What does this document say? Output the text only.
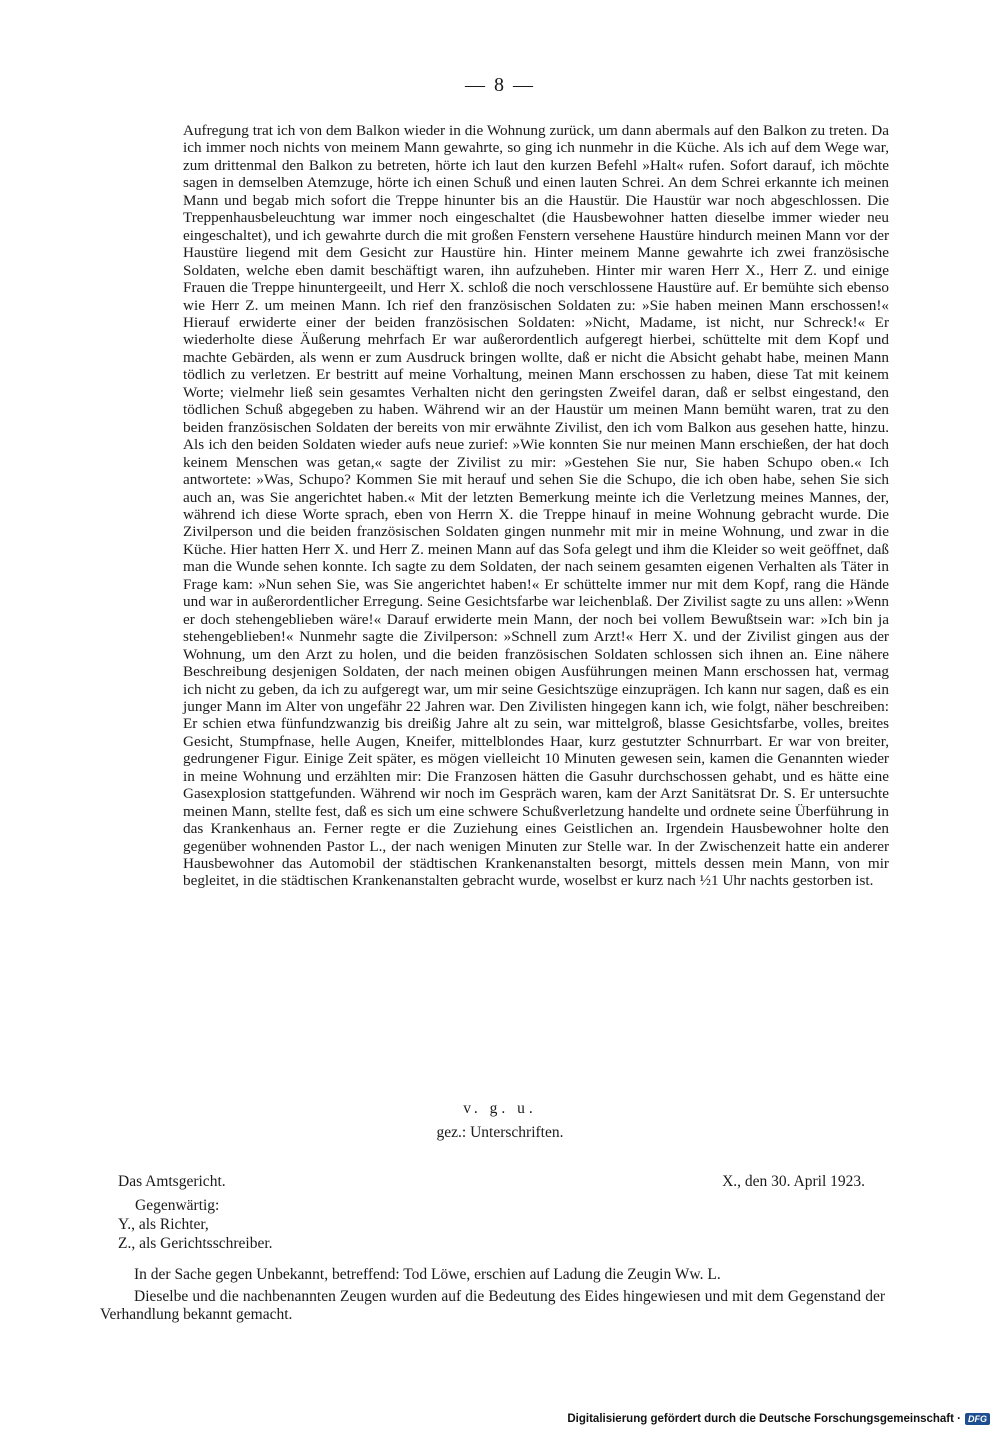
— 8 —

Aufregung trat ich von dem Balkon wieder in die Wohnung zurück, um dann abermals auf den Balkon zu treten. Da ich immer noch nichts von meinem Mann gewahrte, so ging ich nunmehr in die Küche. Als ich auf dem Wege war, zum drittenmal den Balkon zu betreten, hörte ich laut den kurzen Befehl »Halt« rufen. Sofort darauf, ich möchte sagen in demselben Atemzuge, hörte ich einen Schuß und einen lauten Schrei. An dem Schrei erkannte ich meinen Mann und begab mich sofort die Treppe hinunter bis an die Haustür. Die Haustür war noch abgeschlossen. Die Treppenhausbeleuchtung war immer noch eingeschaltet (die Hausbewohner hatten dieselbe immer wieder neu eingeschaltet), und ich gewahrte durch die mit großen Fenstern versehene Haustüre hindurch meinen Mann vor der Haustüre liegend mit dem Gesicht zur Haustüre hin. Hinter meinem Manne gewahrte ich zwei französische Soldaten, welche eben damit beschäftigt waren, ihn aufzuheben. Hinter mir waren Herr X., Herr Z. und einige Frauen die Treppe hinuntergeeilt, und Herr X. schloß die noch verschlossene Haustüre auf. Er bemühte sich ebenso wie Herr Z. um meinen Mann. Ich rief den französischen Soldaten zu: »Sie haben meinen Mann erschossen!« Hierauf erwiderte einer der beiden französischen Soldaten: »Nicht, Madame, ist nicht, nur Schreck!« Er wiederholte diese Äußerung mehrfach Er war außerordentlich aufgeregt hierbei, schüttelte mit dem Kopf und machte Gebärden, als wenn er zum Ausdruck bringen wollte, daß er nicht die Absicht gehabt habe, meinen Mann tödlich zu verletzen. Er bestritt auf meine Vorhaltung, meinen Mann erschossen zu haben, diese Tat mit keinem Worte; vielmehr ließ sein gesamtes Verhalten nicht den geringsten Zweifel daran, daß er selbst eingestand, den tödlichen Schuß abgegeben zu haben. Während wir an der Haustür um meinen Mann bemüht waren, trat zu den beiden französischen Soldaten der bereits von mir erwähnte Zivilist, den ich vom Balkon aus gesehen hatte, hinzu. Als ich den beiden Soldaten wieder aufs neue zurief: »Wie konnten Sie nur meinen Mann erschießen, der hat doch keinem Menschen was getan,« sagte der Zivilist zu mir: »Gestehen Sie nur, Sie haben Schupo oben.« Ich antwortete: »Was, Schupo? Kommen Sie mit herauf und sehen Sie die Schupo, die ich oben habe, sehen Sie sich auch an, was Sie angerichtet haben.« Mit der letzten Bemerkung meinte ich die Verletzung meines Mannes, der, während ich diese Worte sprach, eben von Herrn X. die Treppe hinauf in meine Wohnung gebracht wurde. Die Zivilperson und die beiden französischen Soldaten gingen nunmehr mit mir in meine Wohnung, und zwar in die Küche. Hier hatten Herr X. und Herr Z. meinen Mann auf das Sofa gelegt und ihm die Kleider so weit geöffnet, daß man die Wunde sehen konnte. Ich sagte zu dem Soldaten, der nach seinem gesamten eigenen Verhalten als Täter in Frage kam: »Nun sehen Sie, was Sie angerichtet haben!« Er schüttelte immer nur mit dem Kopf, rang die Hände und war in außerordentlicher Erregung. Seine Gesichtsfarbe war leichenblaß. Der Zivilist sagte zu uns allen: »Wenn er doch stehengeblieben wäre!« Darauf erwiderte mein Mann, der noch bei vollem Bewußtsein war: »Ich bin ja stehengeblieben!« Nunmehr sagte die Zivilperson: »Schnell zum Arzt!« Herr X. und der Zivilist gingen aus der Wohnung, um den Arzt zu holen, und die beiden französischen Soldaten schlossen sich ihnen an. Eine nähere Beschreibung desjenigen Soldaten, der nach meinen obigen Ausführungen meinen Mann erschossen hat, vermag ich nicht zu geben, da ich zu aufgeregt war, um mir seine Gesichtszüge einzuprägen. Ich kann nur sagen, daß es ein junger Mann im Alter von ungefähr 22 Jahren war. Den Zivilisten hingegen kann ich, wie folgt, näher beschreiben: Er schien etwa fünfundzwanzig bis dreißig Jahre alt zu sein, war mittelgroß, blasse Gesichtsfarbe, volles, breites Gesicht, Stumpfnase, helle Augen, Kneifer, mittelblondes Haar, kurz gestutzter Schnurrbart. Er war von breiter, gedrungener Figur. Einige Zeit später, es mögen vielleicht 10 Minuten gewesen sein, kamen die Genannten wieder in meine Wohnung und erzählten mir: Die Franzosen hätten die Gasuhr durchschossen gehabt, und es hätte eine Gasexplosion stattgefunden. Während wir noch im Gespräch waren, kam der Arzt Sanitätsrat Dr. S. Er untersuchte meinen Mann, stellte fest, daß es sich um eine schwere Schußverletzung handelte und ordnete seine Überführung in das Krankenhaus an. Ferner regte er die Zuziehung eines Geistlichen an. Irgendein Hausbewohner holte den gegenüber wohnenden Pastor L., der nach wenigen Minuten zur Stelle war. In der Zwischenzeit hatte ein anderer Hausbewohner das Automobil der städtischen Krankenanstalten besorgt, mittels dessen mein Mann, von mir begleitet, in die städtischen Krankenanstalten gebracht wurde, woselbst er kurz nach ½1 Uhr nachts gestorben ist.

v. g. u.
gez.: Unterschriften.
Das Amtsgericht.	X., den 30. April 1923.
Gegenwärtig:
Y., als Richter,
Z., als Gerichtsschreiber.

In der Sache gegen Unbekannt, betreffend: Tod Löwe, erschien auf Ladung die Zeugin Ww. L.

Dieselbe und die nachbenannten Zeugen wurden auf die Bedeutung des Eides hingewiesen und mit dem Gegenstand der Verhandlung bekannt gemacht.

Digitalisierung gefördert durch die Deutsche Forschungsgemeinschaft · DFG
